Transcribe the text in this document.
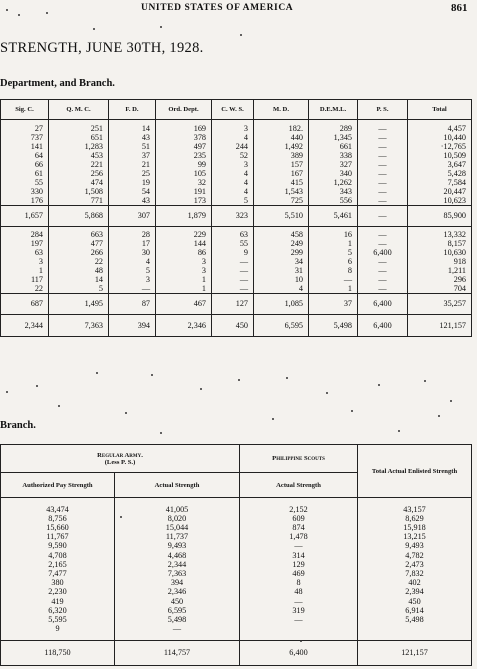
UNITED STATES OF AMERICA	861
STRENGTH, JUNE 30TH, 1928.
Department, and Branch.
Sig. C.	Q. M. C.	F. D.	Ord. Dept.	C. W. S.	M. D.	D.E.M.L.	P. S.	Total

27	251	14	169	3	182.	289	—	4,457
737	651	43	378	4	440	1,345	—	10,440
141	1,283	51	497	244	1,492	661	—	·12,765
64	453	37	235	52	389	338	—	10,509
66	221	21	99	3	157	327	—	3,647
61	256	25	105	4	167	340	—	5,428
55	474	19	32	4	415	1,262	—	7,584
330	1,508	54	191	4	1,543	343	—	20,447
176	771	43	173	5	725	556	—	10,623
1,657	5,868	307	1,879	323	5,510	5,461	—	85,900

284	663	28	229	63	458	16	—	13,332
197	477	17	144	55	249	1	—	8,157
63	266	30	86	9	299	5	6,400	10,630
3	22	4	3	—	34	6	—	918
1	48	5	3	—	31	8	—	1,211
117	14	3	1	—	10	—	—	296
22	5	—	1	—	4	1	—	704
687	1,495	87	467	127	1,085	37	6,400	35,257
2,344	7,363	394	2,346	450	6,595	5,498	6,400	121,157
Branch.
Regular Army.
(Less P. S.)		Philippine Scouts	Total Actual Enlisted Strength
Authorized Pay Strength	Actual Strength	Actual Strength	

43,474	41,005	2,152	43,157
8,756	8,020	609	8,629
15,660	15,044	874	15,918
11,767	11,737	1,478	13,215
9,590	9,493	—	9,493
4,708	4,468	314	4,782
2,165	2,344	129	2,473
7,477	7,363	469	7,832
380	394	8	402
2,230	2,346	48	2,394
419	450	—	450
6,320	6,595	319	6,914
5,595	5,498	—	5,498
9	—		

118,750	114,757	6,400	121,157
